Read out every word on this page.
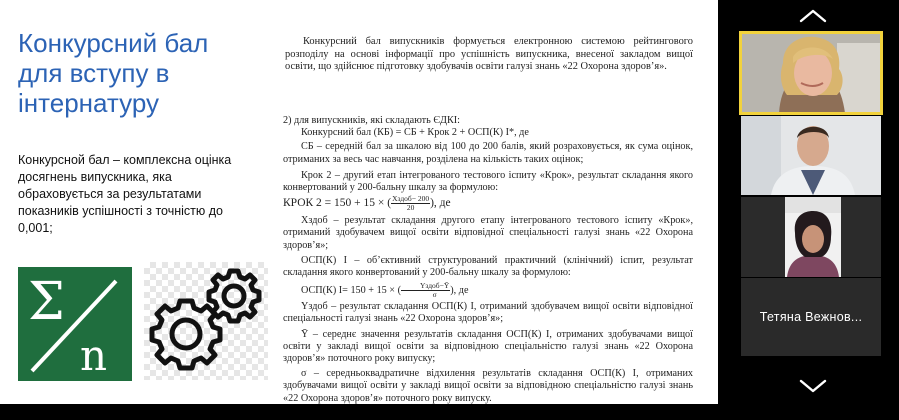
Конкурсний бал для вступу в інтернатуру

Конкурсной бал – комплексна оцінка досягнень випускника, яка обраховується за результатами показників успішності з точністю до 0,001;

Σ
n

Конкурсний бал випускників формується електронною системою рейтингового розподілу на основі інформації про успішність випускника, внесеної закладом вищої освіти, що здійснює підготовку здобувачів освіти галузі знань «22 Охорона здоров’я».

2) для випускників, які складають ЄДКІ:

Конкурсний бал (КБ) = СБ + Крок 2 + ОСП(К) І*, де

СБ – середній бал за шкалою від 100 до 200 балів, який розраховується, як сума оцінок, отриманих за весь час навчання, розділена на кількість таких оцінок;

Крок 2 – другий етап інтегрованого тестового іспиту «Крок», результат складання якого конвертований у 200-бальну шкалу за формулою:

КРОК 2 = 150 + 15 × ( $\frac{\text{Хздоб− 200}}{20}$ ), де

Хздоб – результат складання другого етапу інтегрованого тестового іспиту «Крок», отриманий здобувачем вищої освіти відповідної спеціальності галузі знань «22 Охорона здоров’я»;

ОСП(К) І – об’єктивний структурований практичний (клінічний) іспит, результат складання якого конвертований у 200-бальну шкалу за формулою:

ОСП(К) І= 150 + 15 × ( $\frac{\text{Yздоб−Ȳ}}{\sigma}$ ), де

Yздоб – результат складання ОСП(К) І, отриманий здобувачем вищої освіти відповідної спеціальності галузі знань «22 Охорона здоров’я»;

Ȳ – середнє значення результатів складання ОСП(К) І, отриманих здобувачами вищої освіти у закладі вищої освіти за відповідною спеціальністю галузі знань «22 Охорона здоров’я» поточного року випуску;

σ – середньоквадратичне відхилення результатів складання ОСП(К) І, отриманих здобувачами вищої освіти у закладі вищої освіти за відповідною спеціальністю галузі знань «22 Охорона здоров’я» поточного року випуску.

Тетяна Вежнов...
